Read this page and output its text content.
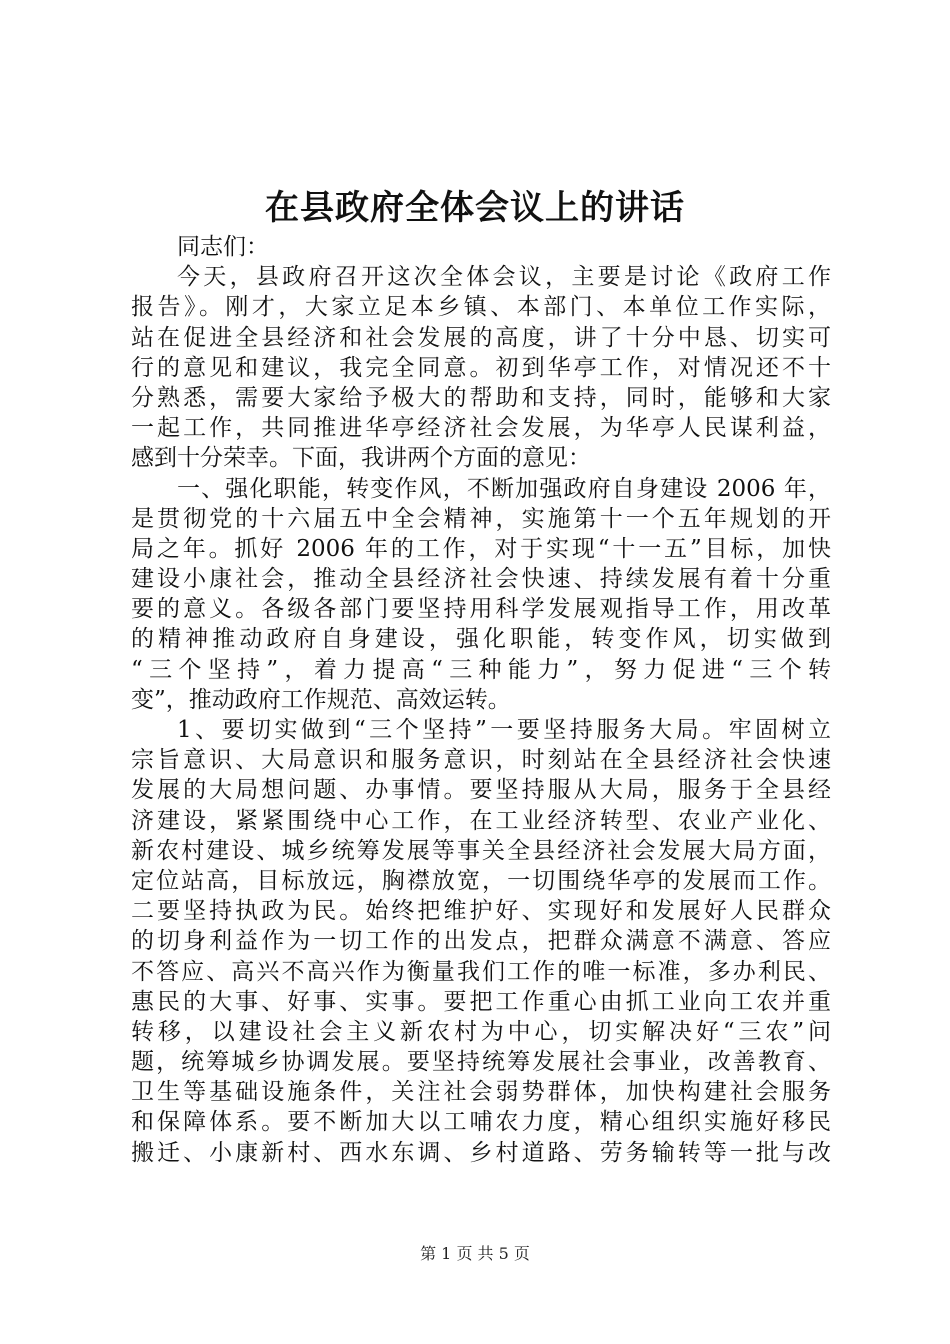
在县政府全体会议上的讲话
同志们：
今天，县政府召开这次全体会议，主要是讨论《政府工作
报告》。刚才，大家立足本乡镇、本部门、本单位工作实际，
站在促进全县经济和社会发展的高度，讲了十分中恳、切实可
行的意见和建议，我完全同意。初到华亭工作，对情况还不十
分熟悉，需要大家给予极大的帮助和支持，同时，能够和大家
一起工作，共同推进华亭经济社会发展，为华亭人民谋利益，
感到十分荣幸。下面，我讲两个方面的意见：
一、强化职能，转变作风，不断加强政府自身建设 2006 年，
是贯彻党的十六届五中全会精神，实施第十一个五年规划的开
局之年。抓好 2006 年的工作，对于实现“十一五”目标，加快
建设小康社会，推动全县经济社会快速、持续发展有着十分重
要的意义。各级各部门要坚持用科学发展观指导工作，用改革
的精神推动政府自身建设，强化职能，转变作风，切实做到
“三个坚持”，着力提高“三种能力”，努力促进“三个转
变”，推动政府工作规范、高效运转。
1、要切实做到“三个坚持”一要坚持服务大局。牢固树立
宗旨意识、大局意识和服务意识，时刻站在全县经济社会快速
发展的大局想问题、办事情。要坚持服从大局，服务于全县经
济建设，紧紧围绕中心工作，在工业经济转型、农业产业化、
新农村建设、城乡统筹发展等事关全县经济社会发展大局方面，
定位站高，目标放远，胸襟放宽，一切围绕华亭的发展而工作。
二要坚持执政为民。始终把维护好、实现好和发展好人民群众
的切身利益作为一切工作的出发点，把群众满意不满意、答应
不答应、高兴不高兴作为衡量我们工作的唯一标准，多办利民、
惠民的大事、好事、实事。要把工作重心由抓工业向工农并重
转移，以建设社会主义新农村为中心，切实解决好“三农”问
题，统筹城乡协调发展。要坚持统筹发展社会事业，改善教育、
卫生等基础设施条件，关注社会弱势群体，加快构建社会服务
和保障体系。要不断加大以工哺农力度，精心组织实施好移民
搬迁、小康新村、西水东调、乡村道路、劳务输转等一批与改
第 1 页 共 5 页
